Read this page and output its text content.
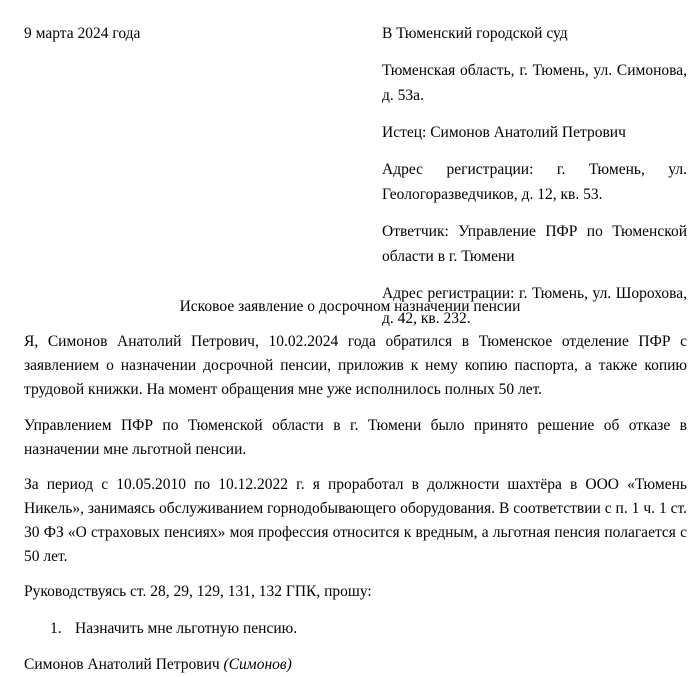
9 марта 2024 года	В Тюменский городской суд

Тюменская область, г. Тюмень, ул. Симонова, д. 53а.

Истец: Симонов Анатолий Петрович

Адрес регистрации: г. Тюмень, ул. Геологоразведчиков, д. 12, кв. 53.

Ответчик: Управление ПФР по Тюменской области в г. Тюмени

Адрес регистрации: г. Тюмень, ул. Шорохова, д. 42, кв. 232.

Исковое заявление о досрочном назначении пенсии

Я, Симонов Анатолий Петрович, 10.02.2024 года обратился в Тюменское отделение ПФР с заявлением о назначении досрочной пенсии, приложив к нему копию паспорта, а также копию трудовой книжки. На момент обращения мне уже исполнилось полных 50 лет.

Управлением ПФР по Тюменской области в г. Тюмени было принято решение об отказе в назначении мне льготной пенсии.

За период с 10.05.2010 по 10.12.2022 г. я проработал в должности шахтёра в ООО «Тюмень Никель», занимаясь обслуживанием горнодобывающего оборудования. В соответствии с п. 1 ч. 1 ст. 30 ФЗ «О страховых пенсиях» моя профессия относится к вредным, а льготная пенсия полагается с 50 лет.

Руководствуясь ст. 28, 29, 129, 131, 132 ГПК, прошу:

1. Назначить мне льготную пенсию.

Симонов Анатолий Петрович (Симонов)
